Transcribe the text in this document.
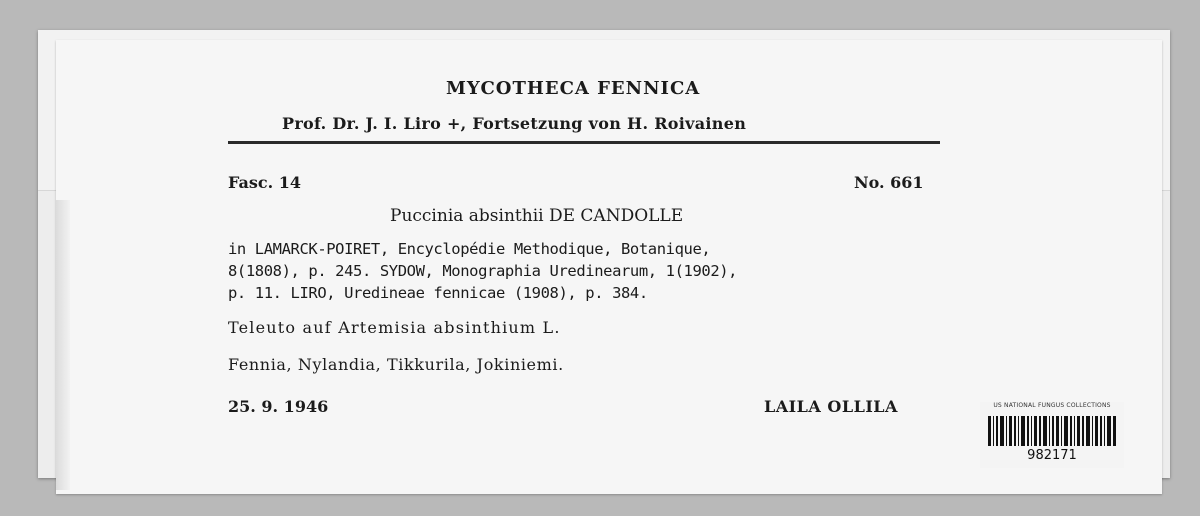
MYCOTHECA FENNICA
Prof. Dr. J. I. Liro +, Fortsetzung von H. Roivainen
Fasc. 14	No. 661
Puccinia absinthii DE CANDOLLE
in LAMARCK-POIRET, Encyclopédie Methodique, Botanique,
8(1808), p. 245. SYDOW, Monographia Uredinearum, 1(1902),
p. 11. LIRO, Uredineae fennicae (1908), p. 384.
Teleuto auf Artemisia absinthium L.
Fennia, Nylandia, Tikkurila, Jokiniemi.
25. 9. 1946	LAILA OLLILA	US NATIONAL FUNGUS COLLECTIONS
982171
